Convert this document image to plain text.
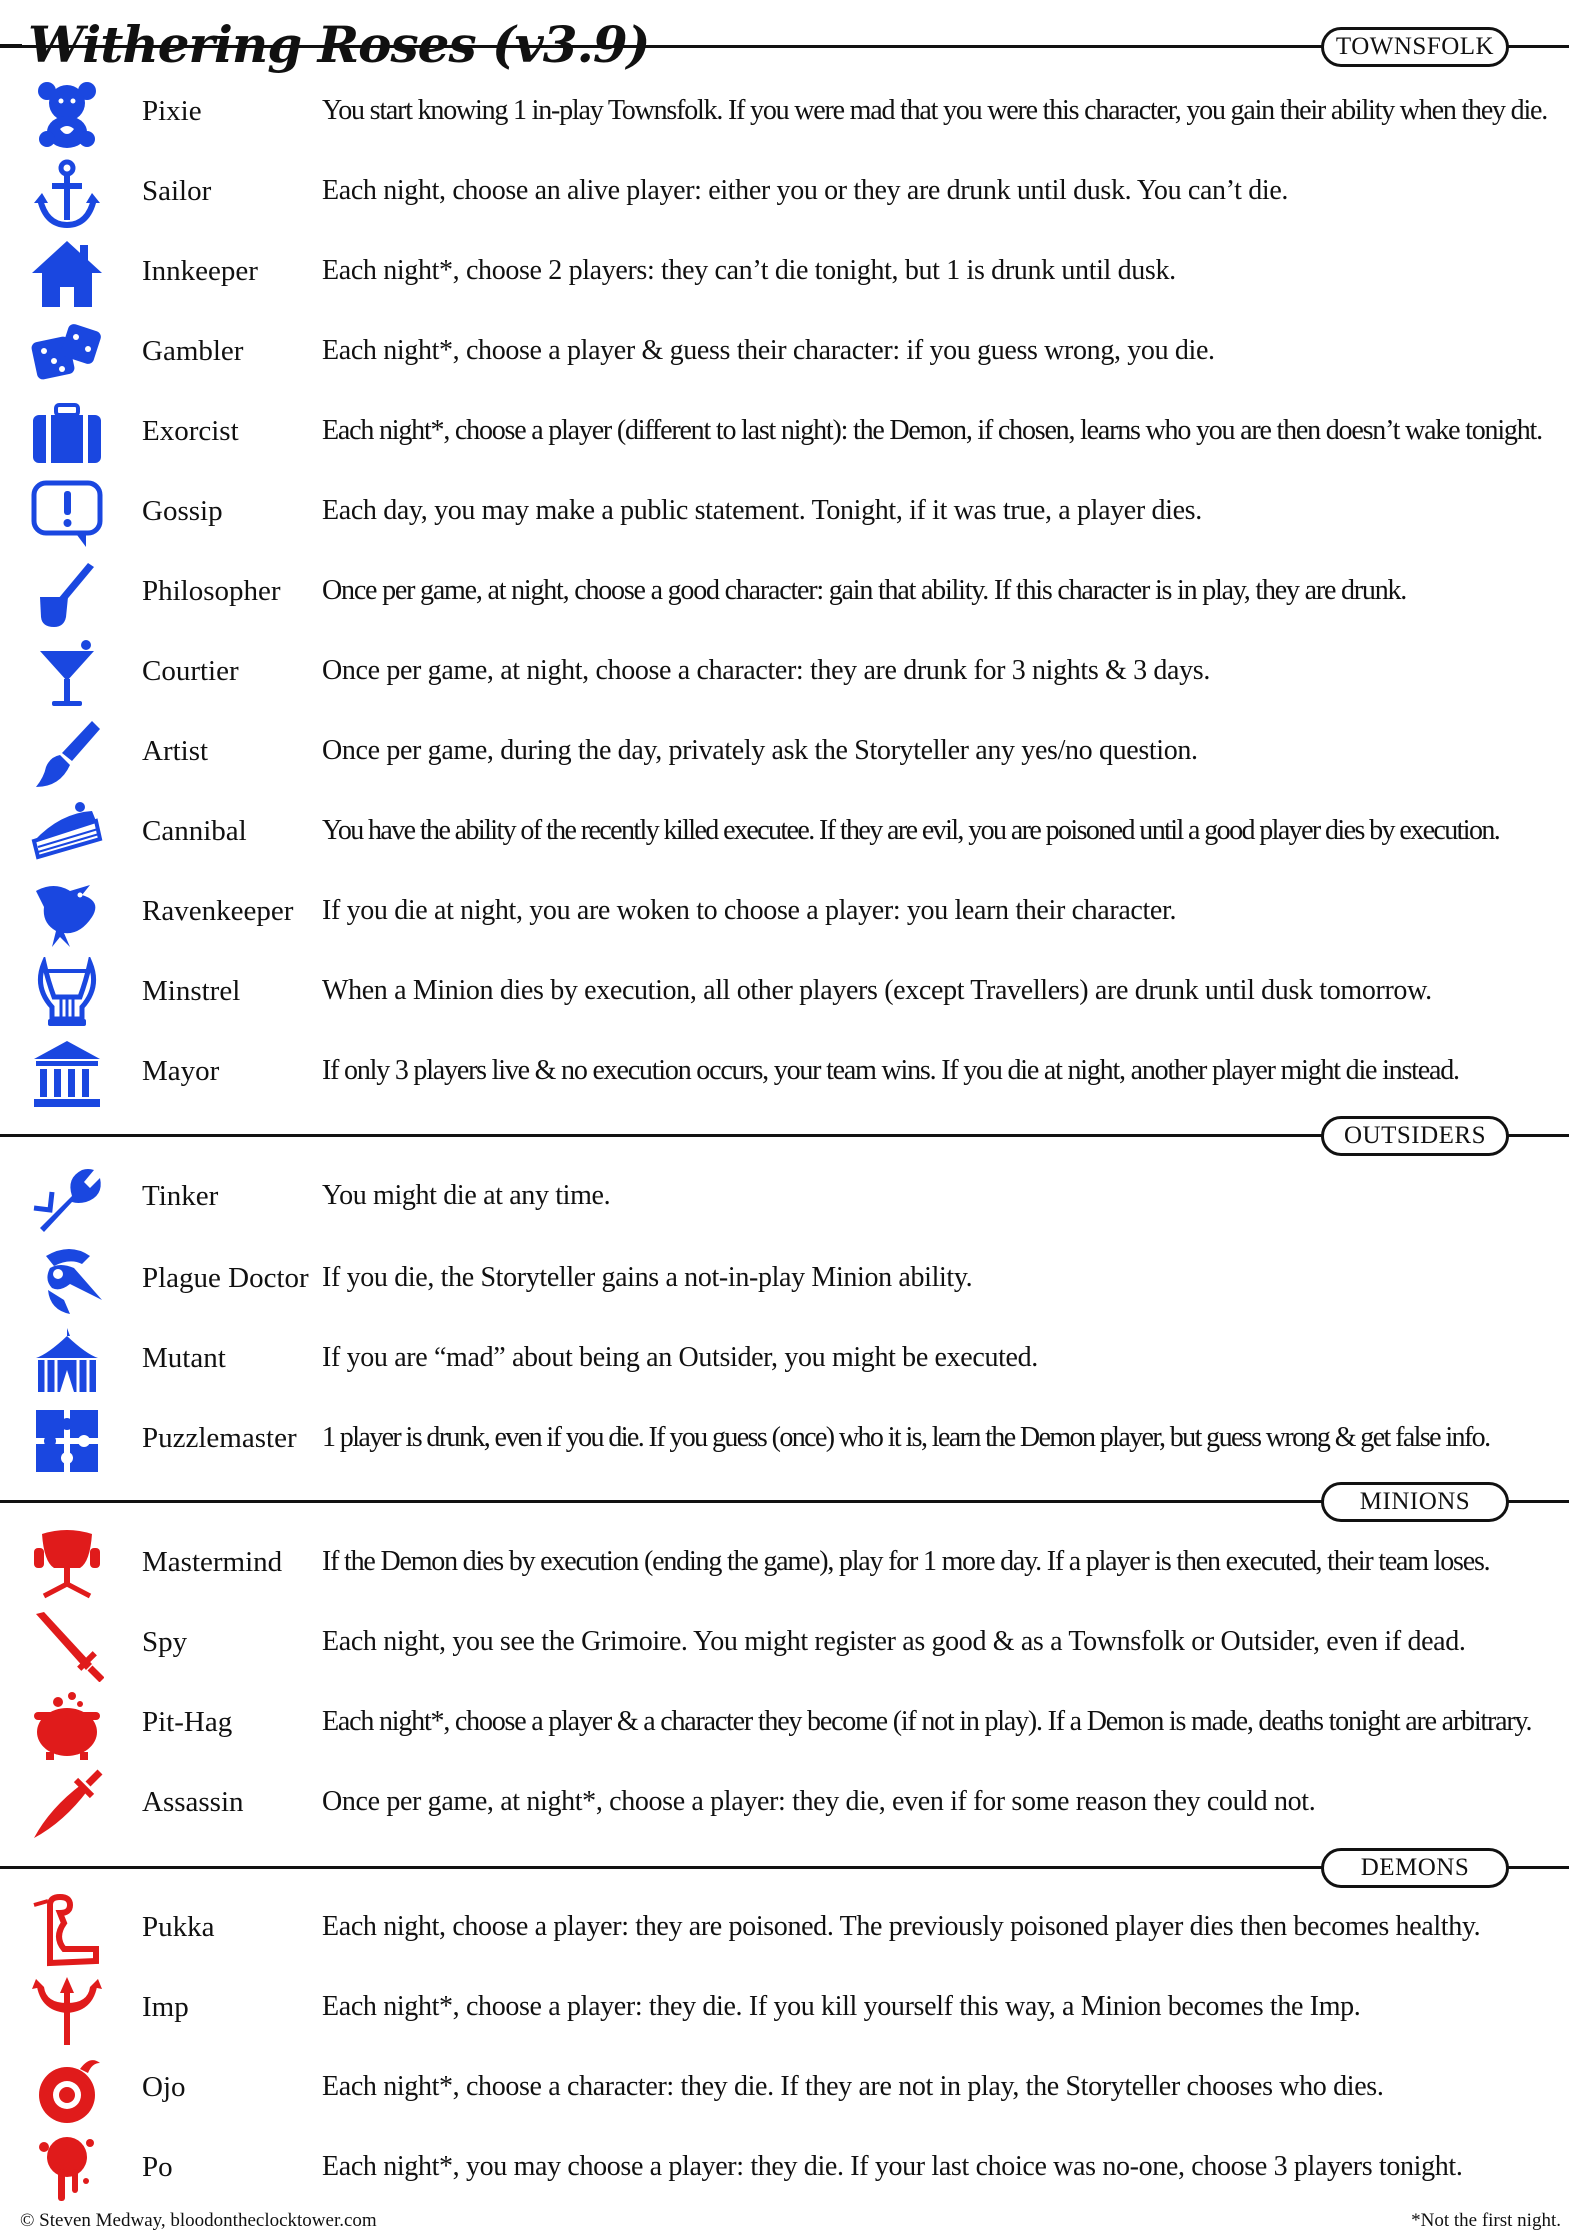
Withering Roses (v3.9)	TOWNSFOLK
Pixie	You start knowing 1 in-play Townsfolk. If you were mad that you were this character, you gain their ability when they die.
Sailor	Each night, choose an alive player: either you or they are drunk until dusk. You can’t die.
Innkeeper Each night*, choose 2 players: they can’t die tonight, but 1 is drunk until dusk.
Gambler	Each night*, choose a player & guess their character: if you guess wrong, you die.
Exorcist	Each night*, choose a player (different to last night): the Demon, if chosen, learns who you are then doesn’t wake tonight.
Gossip	Each day, you may make a public statement. Tonight, if it was true, a player dies.
Philosopher Once per game, at night, choose a good character: gain that ability. If this character is in play, they are drunk.
Courtier	Once per game, at night, choose a character: they are drunk for 3 nights & 3 days.
Artist	Once per game, during the day, privately ask the Storyteller any yes/no question.
Cannibal	You have the ability of the recently killed executee. If they are evil, you are poisoned until a good player dies by execution.
Ravenkeeper If you die at night, you are woken to choose a player: you learn their character.
Minstrel	When a Minion dies by execution, all other players (except Travellers) are drunk until dusk tomorrow.
Mayor	If only 3 players live & no execution occurs, your team wins. If you die at night, another player might die instead.
OUTSIDERS
Tinker	You might die at any time.
Plague Doctor If you die, the Storyteller gains a not-in-play Minion ability.
Mutant	If you are “mad” about being an Outsider, you might be executed.
Puzzlemaster 1 player is drunk, even if you die. If you guess (once) who it is, learn the Demon player, but guess wrong & get false info.
MINIONS
Mastermind If the Demon dies by execution (ending the game), play for 1 more day. If a player is then executed, their team loses.
Spy	Each night, you see the Grimoire. You might register as good & as a Townsfolk or Outsider, even if dead.
Pit-Hag	Each night*, choose a player & a character they become (if not in play). If a Demon is made, deaths tonight are arbitrary.
Assassin	Once per game, at night*, choose a player: they die, even if for some reason they could not.
DEMONS
Pukka	Each night, choose a player: they are poisoned. The previously poisoned player dies then becomes healthy.
Imp	Each night*, choose a player: they die. If you kill yourself this way, a Minion becomes the Imp.
Ojo	Each night*, choose a character: they die. If they are not in play, the Storyteller chooses who dies.
Po	Each night*, you may choose a player: they die. If your last choice was no-one, choose 3 players tonight.
© Steven Medway, bloodontheclocktower.com	*Not the first night.
